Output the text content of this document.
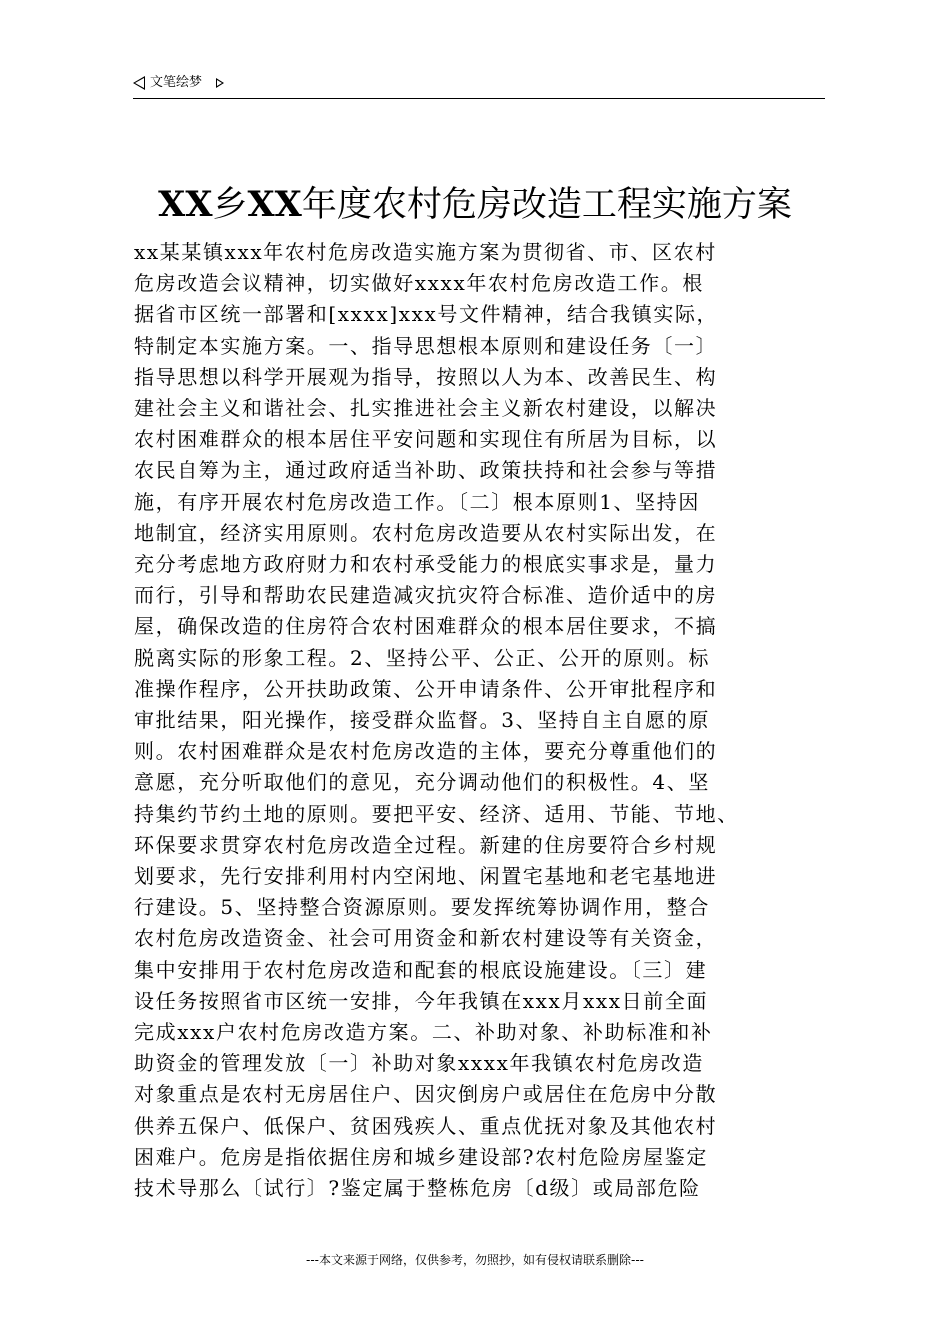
文笔绘梦
XX乡XX年度农村危房改造工程实施方案

xx某某镇xxx年农村危房改造实施方案为贯彻省、市、区农村
危房改造会议精神，切实做好xxxx年农村危房改造工作。根
据省市区统一部署和[xxxx]xxx号文件精神，结合我镇实际，
特制定本实施方案。一、指导思想根本原则和建设任务〔一〕
指导思想以科学开展观为指导，按照以人为本、改善民生、构
建社会主义和谐社会、扎实推进社会主义新农村建设，以解决
农村困难群众的根本居住平安问题和实现住有所居为目标，以
农民自筹为主，通过政府适当补助、政策扶持和社会参与等措
施，有序开展农村危房改造工作。〔二〕根本原则1、坚持因
地制宜，经济实用原则。农村危房改造要从农村实际出发，在
充分考虑地方政府财力和农村承受能力的根底实事求是，量力
而行，引导和帮助农民建造减灾抗灾符合标准、造价适中的房
屋，确保改造的住房符合农村困难群众的根本居住要求，不搞
脱离实际的形象工程。2、坚持公平、公正、公开的原则。标
准操作程序，公开扶助政策、公开申请条件、公开审批程序和
审批结果，阳光操作，接受群众监督。3、坚持自主自愿的原
则。农村困难群众是农村危房改造的主体，要充分尊重他们的
意愿，充分听取他们的意见，充分调动他们的积极性。4、坚
持集约节约土地的原则。要把平安、经济、适用、节能、节地、
环保要求贯穿农村危房改造全过程。新建的住房要符合乡村规
划要求，先行安排利用村内空闲地、闲置宅基地和老宅基地进
行建设。5、坚持整合资源原则。要发挥统筹协调作用，整合
农村危房改造资金、社会可用资金和新农村建设等有关资金，
集中安排用于农村危房改造和配套的根底设施建设。〔三〕建
设任务按照省市区统一安排，今年我镇在xxx月xxx日前全面
完成xxx户农村危房改造方案。二、补助对象、补助标准和补
助资金的管理发放〔一〕补助对象xxxx年我镇农村危房改造
对象重点是农村无房居住户、因灾倒房户或居住在危房中分散
供养五保户、低保户、贫困残疾人、重点优抚对象及其他农村
困难户。危房是指依据住房和城乡建设部?农村危险房屋鉴定
技术导那么〔试行〕?鉴定属于整栋危房〔d级〕或局部危险

---本文来源于网络，仅供参考，勿照抄，如有侵权请联系删除---
